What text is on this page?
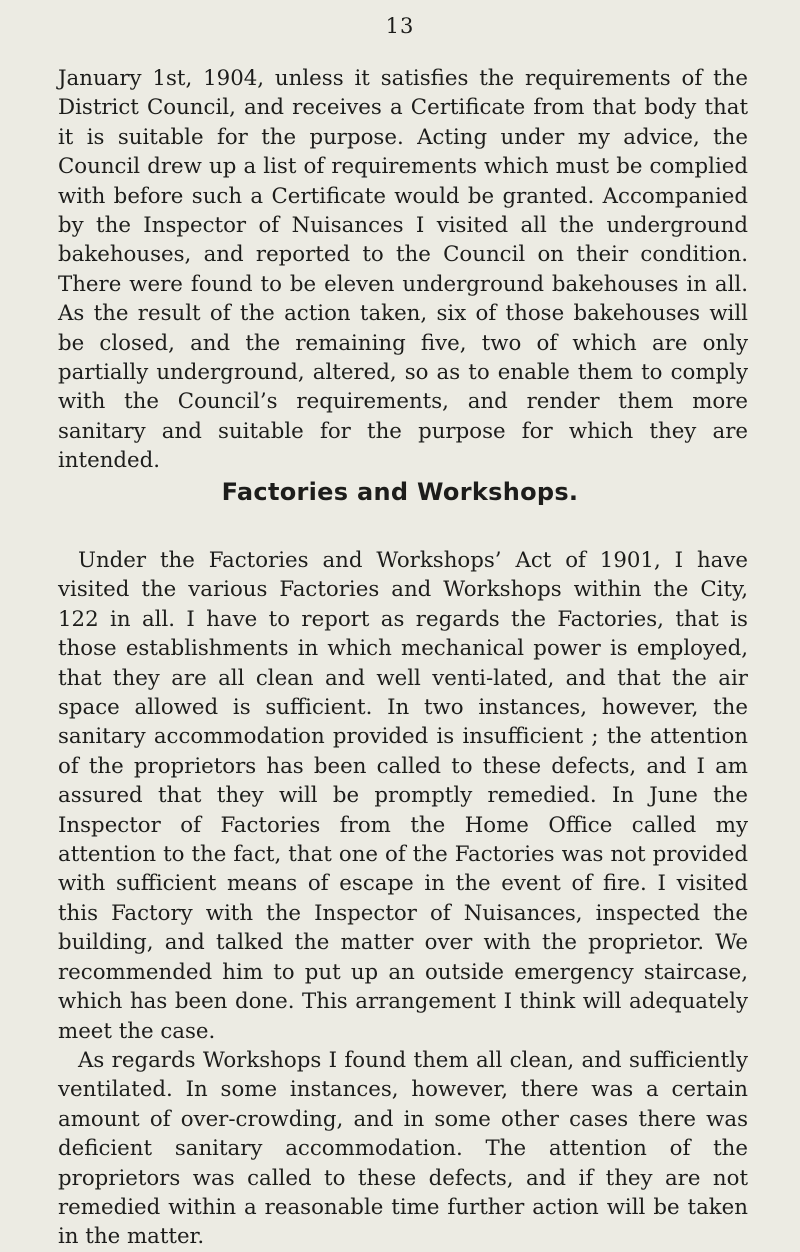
13
January 1st, 1904, unless it satisfies the requirements of the District Council, and receives a Certificate from that body that it is suitable for the purpose. Acting under my advice, the Council drew up a list of requirements which must be complied with before such a Certificate would be granted. Accompanied by the Inspector of Nuisances I visited all the underground bakehouses, and reported to the Council on their condition. There were found to be eleven underground bakehouses in all. As the result of the action taken, six of those bakehouses will be closed, and the remaining five, two of which are only partially underground, altered, so as to enable them to comply with the Council’s requirements, and render them more sanitary and suitable for the purpose for which they are intended.
Factories and Workshops.

Under the Factories and Workshops’ Act of 1901, I have visited the various Factories and Workshops within the City, 122 in all. I have to report as regards the Factories, that is those establishments in which mechanical power is employed, that they are all clean and well venti-lated, and that the air space allowed is sufficient. In two instances, however, the sanitary accommodation provided is insufficient ; the attention of the proprietors has been called to these defects, and I am assured that they will be promptly remedied. In June the Inspector of Factories from the Home Office called my attention to the fact, that one of the Factories was not provided with sufficient means of escape in the event of fire. I visited this Factory with the Inspector of Nuisances, inspected the building, and talked the matter over with the proprietor. We recommended him to put up an outside emergency staircase, which has been done. This arrangement I think will adequately meet the case.

As regards Workshops I found them all clean, and sufficiently ventilated. In some instances, however, there was a certain amount of over-crowding, and in some other cases there was deficient sanitary accommodation. The attention of the proprietors was called to these defects, and if they are not remedied within a reasonable time further action will be taken in the matter.
